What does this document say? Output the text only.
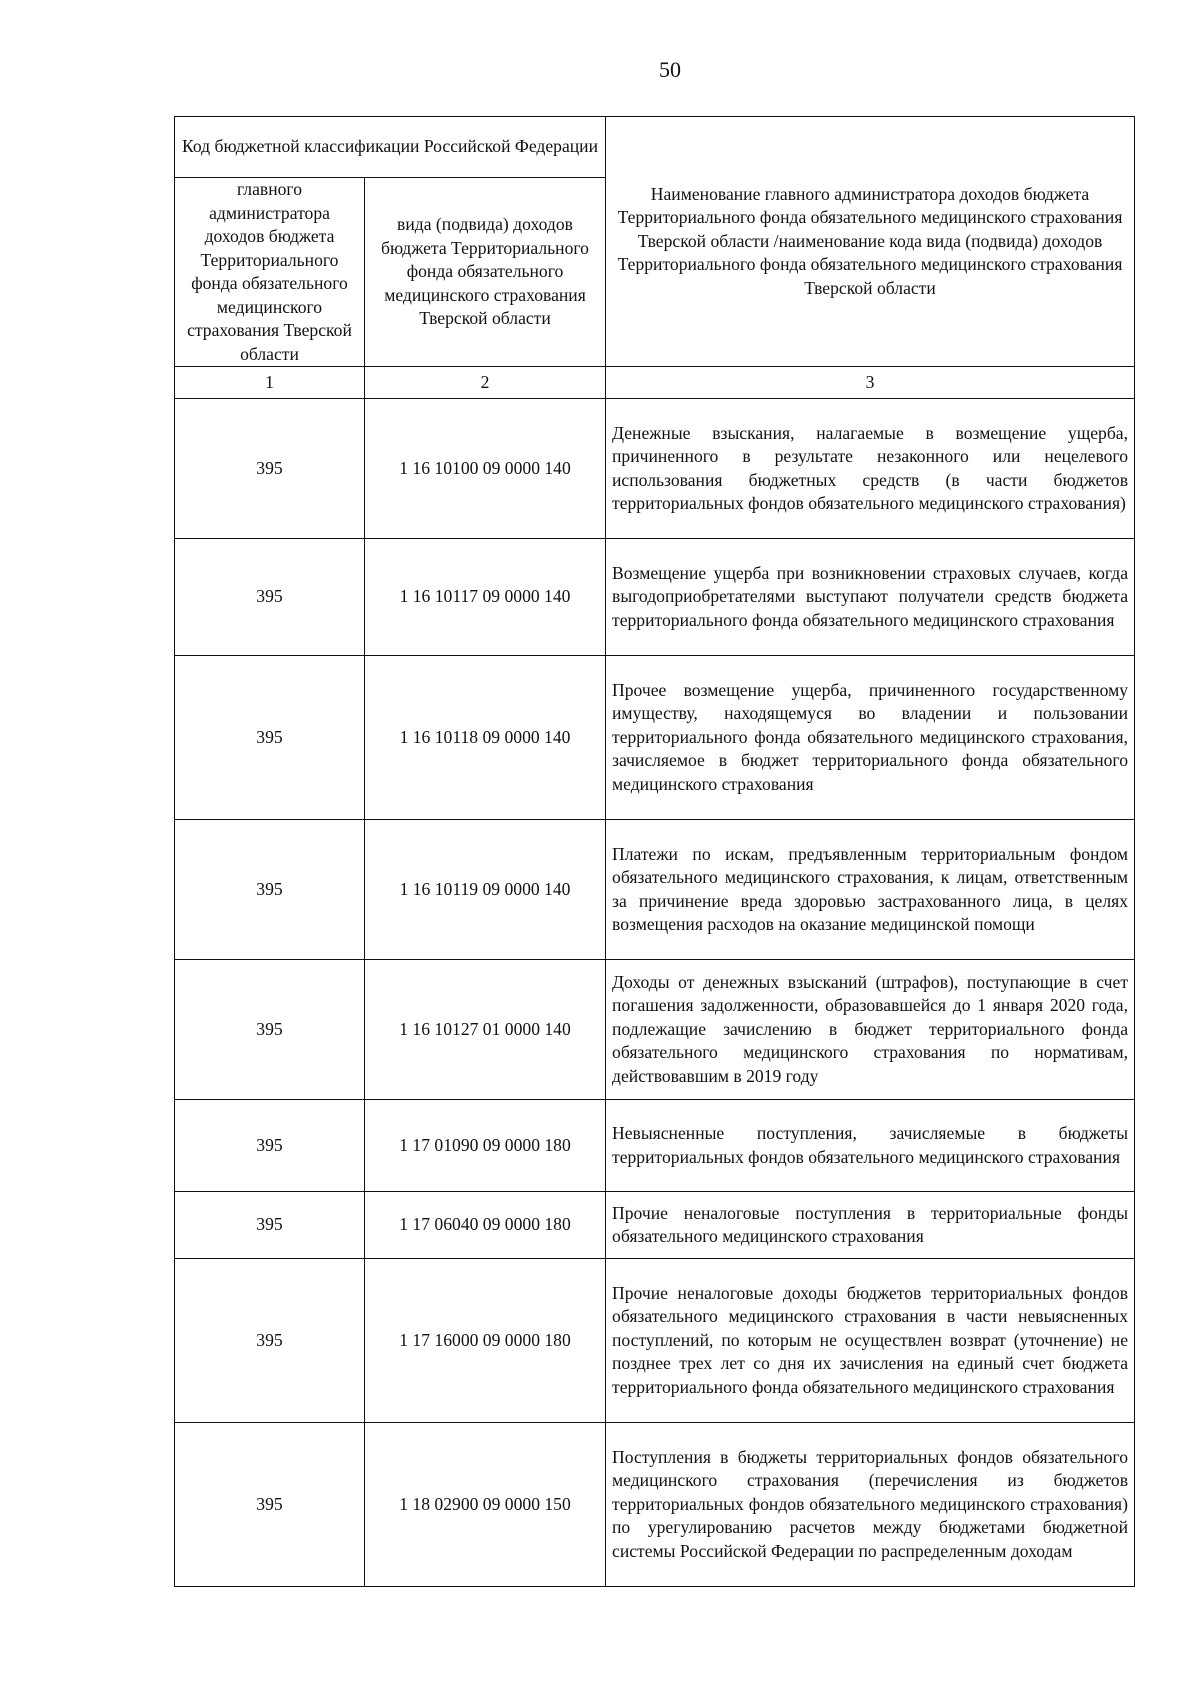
50
Код бюджетной классификации Российской Федерации		Наименование главного администратора доходов бюджета Территориального фонда обязательного медицинского страхования Тверской области /наименование кода вида (подвида) доходов Территориального фонда обязательного медицинского страхования Тверской области
главного администратора доходов бюджета Территориального фонда обязательного медицинского страхования Тверской области	вида (подвида) доходов бюджета Территориального фонда обязательного медицинского страхования Тверской области	
1	2	3
395	1 16 10100 09 0000 140	Денежные взыскания, налагаемые в возмещение ущерба, причиненного в результате незаконного или нецелевого использования бюджетных средств (в части бюджетов территориальных фондов обязательного медицинского страхования)
395	1 16 10117 09 0000 140	Возмещение ущерба при возникновении страховых случаев, когда выгодоприобретателями выступают получатели средств бюджета территориального фонда обязательного медицинского страхования
395	1 16 10118 09 0000 140	Прочее возмещение ущерба, причиненного государственному имуществу, находящемуся во владении и пользовании территориального фонда обязательного медицинского страхования, зачисляемое в бюджет территориального фонда обязательного медицинского страхования
395	1 16 10119 09 0000 140	Платежи по искам, предъявленным территориальным фондом обязательного медицинского страхования, к лицам, ответственным за причинение вреда здоровью застрахованного лица, в целях возмещения расходов на оказание медицинской помощи
395	1 16 10127 01 0000 140	Доходы от денежных взысканий (штрафов), поступающие в счет погашения задолженности, образовавшейся до 1 января 2020 года, подлежащие зачислению в бюджет территориального фонда обязательного медицинского страхования по нормативам, действовавшим в 2019 году
395	1 17 01090 09 0000 180	Невыясненные поступления, зачисляемые в бюджеты территориальных фондов обязательного медицинского страхования
395	1 17 06040 09 0000 180	Прочие неналоговые поступления в территориальные фонды обязательного медицинского страхования
395	1 17 16000 09 0000 180	Прочие неналоговые доходы бюджетов территориальных фондов обязательного медицинского страхования в части невыясненных поступлений, по которым не осуществлен возврат (уточнение) не позднее трех лет со дня их зачисления на единый счет бюджета территориального фонда обязательного медицинского страхования
395	1 18 02900 09 0000 150	Поступления в бюджеты территориальных фондов обязательного медицинского страхования (перечисления из бюджетов территориальных фондов обязательного медицинского страхования) по урегулированию расчетов между бюджетами бюджетной системы Российской Федерации по распределенным доходам
